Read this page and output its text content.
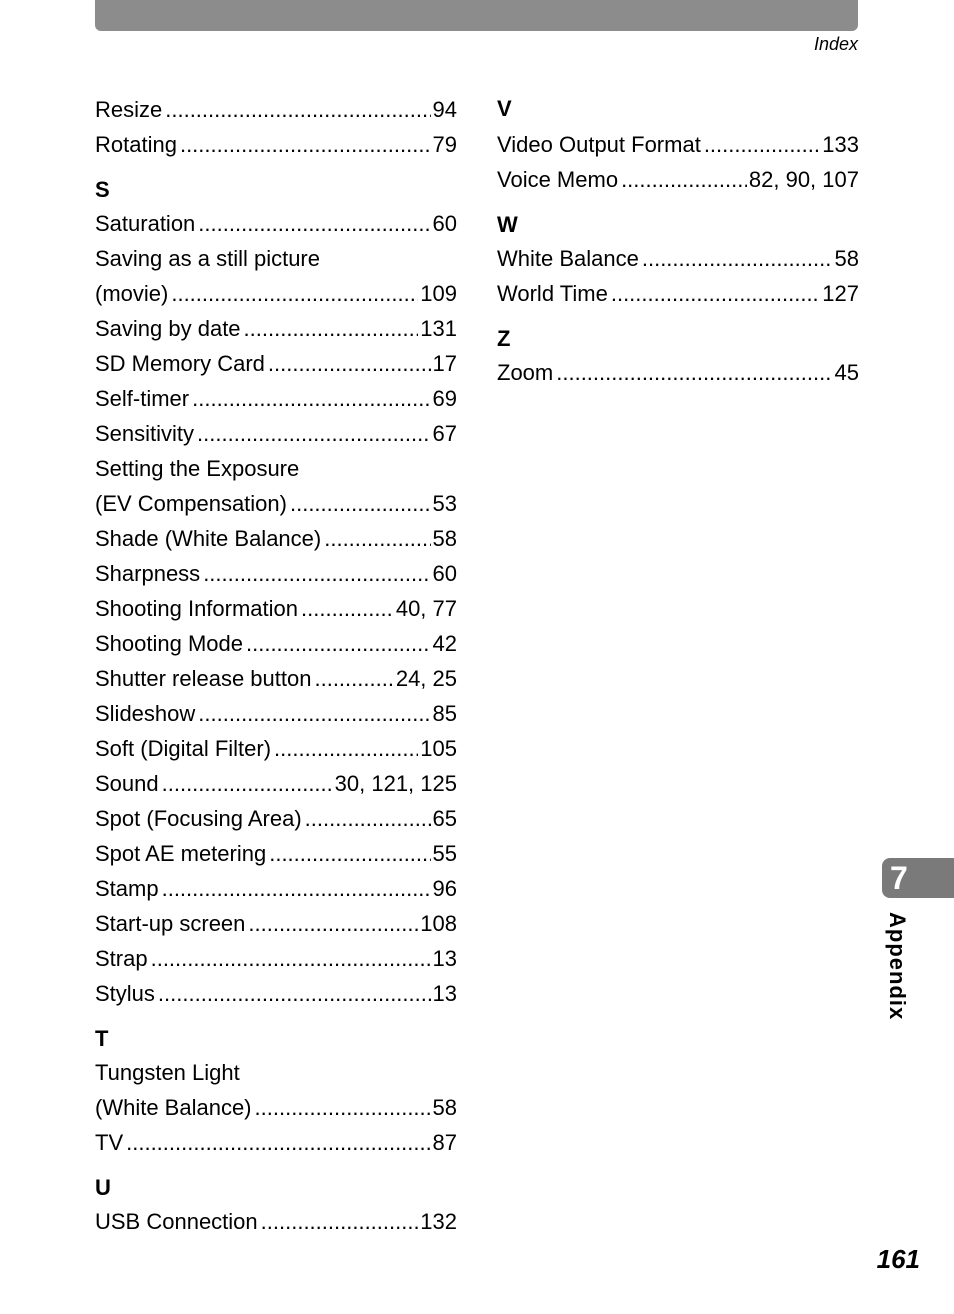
Index
Resize .....	94
Rotating .....	79
S
Saturation .....	60
Saving as a still picture
(movie) .....	109
Saving by date .....	131
SD Memory Card .....	17
Self-timer .....	69
Sensitivity .....	67
Setting the Exposure
(EV Compensation) .....	53
Shade (White Balance) .....	58
Sharpness .....	60
Shooting Information .....	40, 77
Shooting Mode .....	42
Shutter release button .....	24, 25
Slideshow .....	85
Soft (Digital Filter) .....	105
Sound .....	30, 121, 125
Spot (Focusing Area) .....	65
Spot AE metering .....	55
Stamp .....	96
Start-up screen .....	108
Strap .....	13
Stylus .....	13
T
Tungsten Light
(White Balance) .....	58
TV .....	87
U
USB Connection .....	132
V
Video Output Format .....	133
Voice Memo .....	82, 90, 107
W
White Balance .....	58
World Time .....	127
Z
Zoom .....	45
7
Appendix
161
